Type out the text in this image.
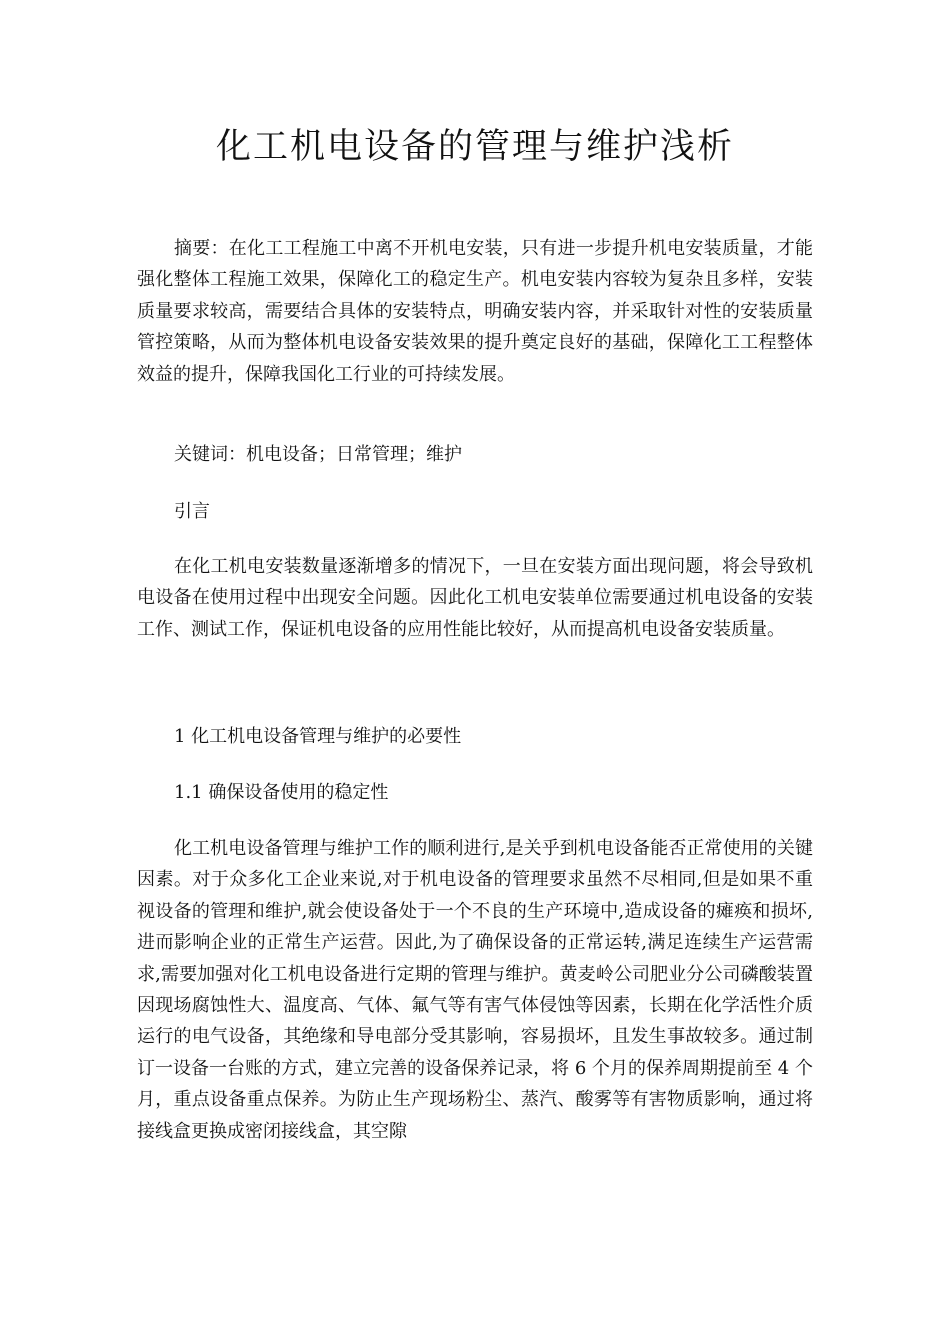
化工机电设备的管理与维护浅析

摘要：在化工工程施工中离不开机电安装，只有进一步提升机电安装质量，才能强化整体工程施工效果，保障化工的稳定生产。机电安装内容较为复杂且多样，安装质量要求较高，需要结合具体的安装特点，明确安装内容，并采取针对性的安装质量管控策略，从而为整体机电设备安装效果的提升奠定良好的基础，保障化工工程整体效益的提升，保障我国化工行业的可持续发展。

关键词：机电设备；日常管理；维护

引言

在化工机电安装数量逐渐增多的情况下，一旦在安装方面出现问题，将会导致机电设备在使用过程中出现安全问题。因此化工机电安装单位需要通过机电设备的安装工作、测试工作，保证机电设备的应用性能比较好，从而提高机电设备安装质量。

1 化工机电设备管理与维护的必要性

1.1 确保设备使用的稳定性

化工机电设备管理与维护工作的顺利进行,是关乎到机电设备能否正常使用的关键因素。对于众多化工企业来说,对于机电设备的管理要求虽然不尽相同,但是如果不重视设备的管理和维护,就会使设备处于一个不良的生产环境中,造成设备的瘫痪和损坏,进而影响企业的正常生产运营。因此,为了确保设备的正常运转,满足连续生产运营需求,需要加强对化工机电设备进行定期的管理与维护。黄麦岭公司肥业分公司磷酸装置因现场腐蚀性大、温度高、气体、氟气等有害气体侵蚀等因素，长期在化学活性介质运行的电气设备，其绝缘和导电部分受其影响，容易损坏，且发生事故较多。通过制订一设备一台账的方式，建立完善的设备保养记录，将 6 个月的保养周期提前至 4 个月，重点设备重点保养。为防止生产现场粉尘、蒸汽、酸雾等有害物质影响，通过将接线盒更换成密闭接线盒，其空隙
